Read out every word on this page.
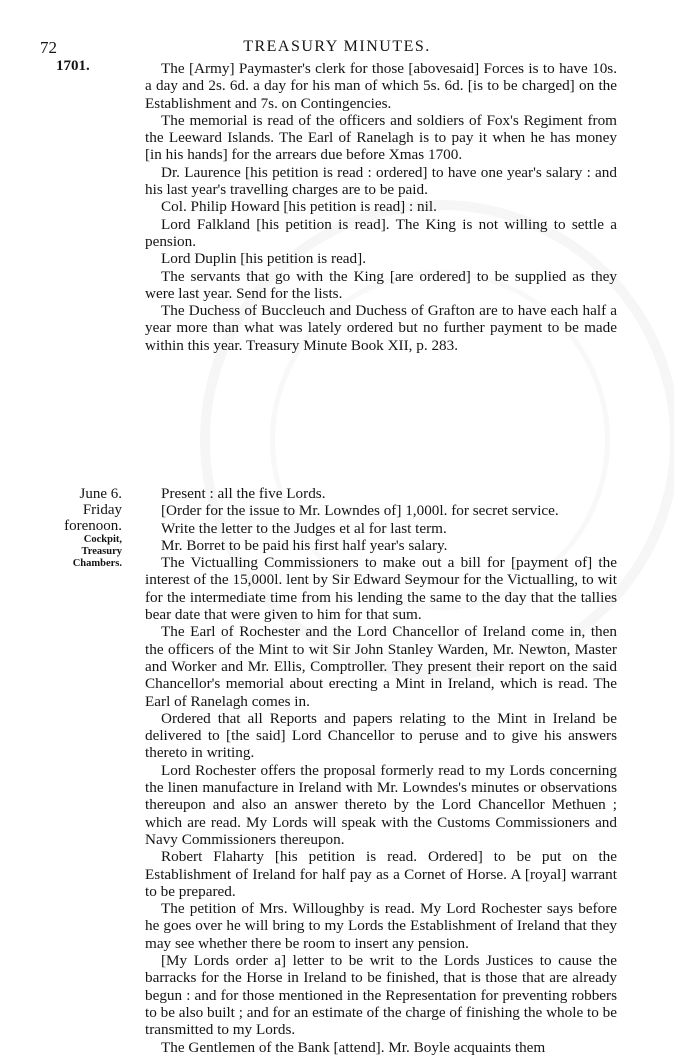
72	TREASURY MINUTES.
1701.
June 6.
Friday
forenoon.
Cockpit,
Treasury
Chambers.

The [Army] Paymaster's clerk for those [abovesaid] Forces is to have 10s. a day and 2s. 6d. a day for his man of which 5s. 6d. [is to be charged] on the Establishment and 7s. on Contingencies.

The memorial is read of the officers and soldiers of Fox's Regiment from the Leeward Islands. The Earl of Ranelagh is to pay it when he has money [in his hands] for the arrears due before Xmas 1700.

Dr. Laurence [his petition is read : ordered] to have one year's salary : and his last year's travelling charges are to be paid.

Col. Philip Howard [his petition is read] : nil.

Lord Falkland [his petition is read]. The King is not willing to settle a pension.

Lord Duplin [his petition is read].

The servants that go with the King [are ordered] to be supplied as they were last year. Send for the lists.

The Duchess of Buccleuch and Duchess of Grafton are to have each half a year more than what was lately ordered but no further payment to be made within this year. Treasury Minute Book XII, p. 283.

Present : all the five Lords.

[Order for the issue to Mr. Lowndes of] 1,000l. for secret service.

Write the letter to the Judges et al for last term.

Mr. Borret to be paid his first half year's salary.

The Victualling Commissioners to make out a bill for [payment of] the interest of the 15,000l. lent by Sir Edward Seymour for the Victualling, to wit for the intermediate time from his lending the same to the day that the tallies bear date that were given to him for that sum.

The Earl of Rochester and the Lord Chancellor of Ireland come in, then the officers of the Mint to wit Sir John Stanley Warden, Mr. Newton, Master and Worker and Mr. Ellis, Comptroller. They present their report on the said Chancellor's memorial about erecting a Mint in Ireland, which is read. The Earl of Ranelagh comes in.

Ordered that all Reports and papers relating to the Mint in Ireland be delivered to [the said] Lord Chancellor to peruse and to give his answers thereto in writing.

Lord Rochester offers the proposal formerly read to my Lords concerning the linen manufacture in Ireland with Mr. Lowndes's minutes or observations thereupon and also an answer thereto by the Lord Chancellor Methuen ; which are read. My Lords will speak with the Customs Commissioners and Navy Commissioners thereupon.

Robert Flaharty [his petition is read. Ordered] to be put on the Establishment of Ireland for half pay as a Cornet of Horse. A [royal] warrant to be prepared.

The petition of Mrs. Willoughby is read. My Lord Rochester says before he goes over he will bring to my Lords the Establishment of Ireland that they may see whether there be room to insert any pension.

[My Lords order a] letter to be writ to the Lords Justices to cause the barracks for the Horse in Ireland to be finished, that is those that are already begun : and for those mentioned in the Representation for preventing robbers to be also built ; and for an estimate of the charge of finishing the whole to be transmitted to my Lords.

The Gentlemen of the Bank [attend]. Mr. Boyle acquaints them
